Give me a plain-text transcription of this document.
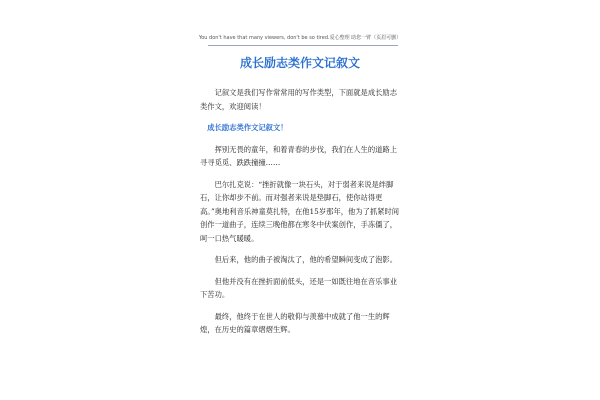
You don't have that many viewers, don't be so tired.爱心整理 助您一臂（页眉可删）
成长励志类作文记叙文

记叙文是我们写作常常用的写作类型，下面就是成长励志类作文，欢迎阅读！

成长励志类作文记叙文！

挥别无畏的童年，和着青春的步伐，我们在人生的道路上寻寻觅觅、跌跌撞撞……

巴尔扎克说：“挫折就像一块石头，对于弱者来说是绊脚石，让你却步不前。而对强者来说是垫脚石，使你站得更高。”奥地利音乐神童莫扎特，在他15岁那年，他为了抓紧时间创作一道曲子，连续三晚他都在寒冬中伏案创作，手冻僵了，呵一口热气暖暖。

但后来，他的曲子被淘汰了，他的希望瞬间变成了泡影。

但他并没有在挫折面前低头，还是一如既往地在音乐事业下苦功。

最终，他终于在世人的敬仰与羡慕中成就了他一生的辉煌，在历史的篇章熠熠生辉。
